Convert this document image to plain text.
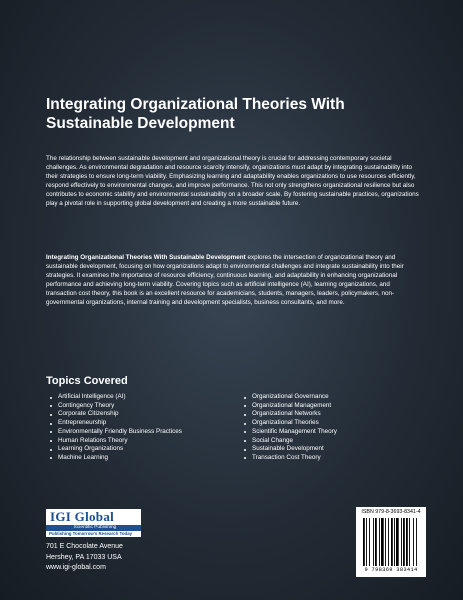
Integrating Organizational Theories With
Sustainable Development

The relationship between sustainable development and organizational theory is crucial for addressing contemporary societal challenges. As environmental degradation and resource scarcity intensify, organizations must adapt by integrating sustainability into their strategies to ensure long-term viability. Emphasizing learning and adaptability enables organizations to use resources efficiently, respond effectively to environmental changes, and improve performance. This not only strengthens organizational resilience but also contributes to economic stability and environmental sustainability on a broader scale. By fostering sustainable practices, organizations play a pivotal role in supporting global development and creating a more sustainable future.

Integrating Organizational Theories With Sustainable Development explores the intersection of organizational theory and sustainable development, focusing on how organizations adapt to environmental challenges and integrate sustainability into their strategies. It examines the importance of resource efficiency, continuous learning, and adaptability in enhancing organizational performance and achieving long-term viability. Covering topics such as artificial intelligence (AI), learning organizations, and transaction cost theory, this book is an excellent resource for academicians, students, managers, leaders, policymakers, non-governmental organizations, internal training and development specialists, business consultants, and more.

Topics Covered
Artificial Intelligence (AI)
Contingency Theory
Corporate Citizenship
Entrepreneurship
Environmentally Friendly Business Practices
Human Relations Theory
Learning Organizations
Machine Learning
Organizational Governance
Organizational Management
Organizational Networks
Organizational Theories
Scientific Management Theory
Social Change
Sustainable Development
Transaction Cost Theory
IGI Global
Scientific Publishing
Publishing Tomorrow's Research Today

701 E Chocolate Avenue
Hershey, PA 17033 USA
www.igi-global.com

ISBN 979-8-3693-8341-4

9 798369 383414
